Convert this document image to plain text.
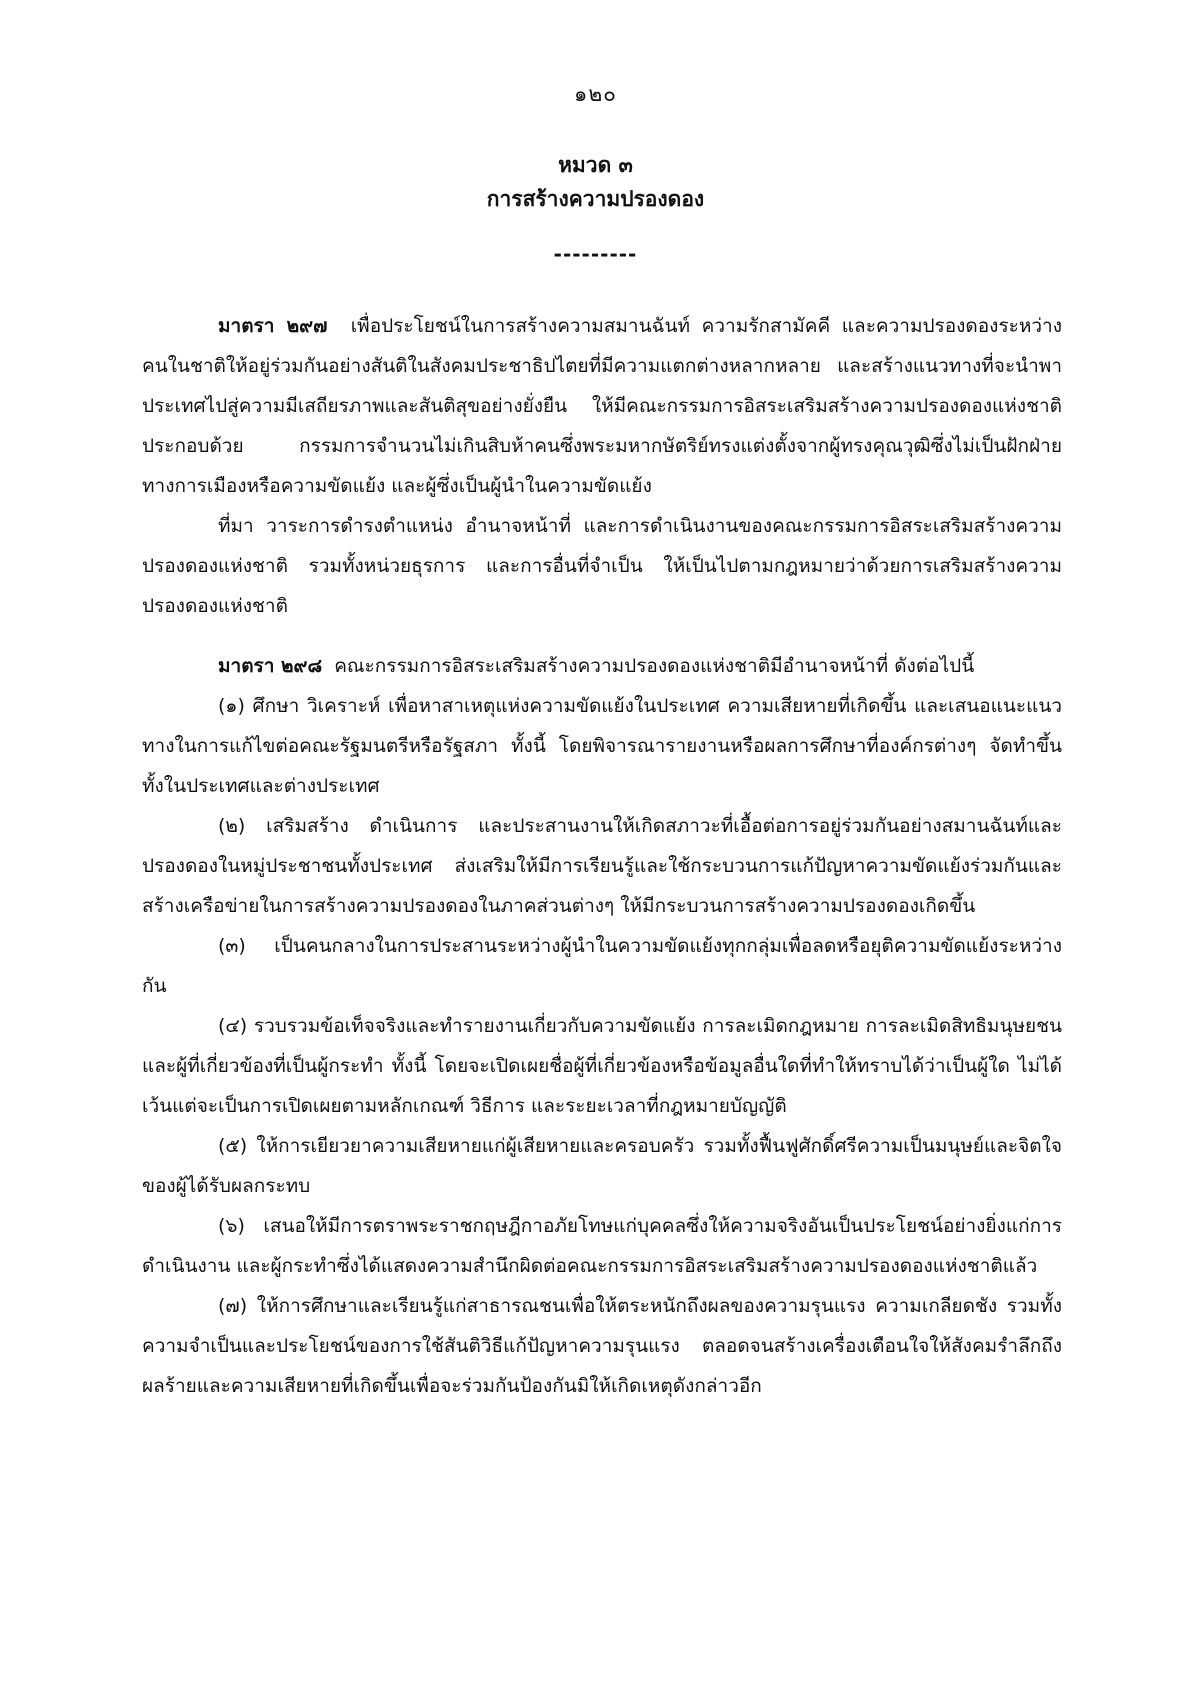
๑๒๐
หมวด ๓
การสร้างความปรองดอง
---------

มาตรา ๒๙๗ เพื่อประโยชน์ในการสร้างความสมานฉันท์ ความรักสามัคคี และความปรองดองระหว่างคนในชาติให้อยู่ร่วมกันอย่างสันติในสังคมประชาธิปไตยที่มีความแตกต่างหลากหลาย และสร้างแนวทางที่จะนำพาประเทศไปสู่ความมีเสถียรภาพและสันติสุขอย่างยั่งยืน ให้มีคณะกรรมการอิสระเสริมสร้างความปรองดองแห่งชาติ ประกอบด้วย กรรมการจำนวนไม่เกินสิบห้าคนซึ่งพระมหากษัตริย์ทรงแต่งตั้งจากผู้ทรงคุณวุฒิซึ่งไม่เป็นฝักฝ่ายทางการเมืองหรือความขัดแย้ง และผู้ซึ่งเป็นผู้นำในความขัดแย้ง

ที่มา วาระการดำรงตำแหน่ง อำนาจหน้าที่ และการดำเนินงานของคณะกรรมการอิสระเสริมสร้างความปรองดองแห่งชาติ รวมทั้งหน่วยธุรการ และการอื่นที่จำเป็น ให้เป็นไปตามกฎหมายว่าด้วยการเสริมสร้างความปรองดองแห่งชาติ

มาตรา ๒๙๘ คณะกรรมการอิสระเสริมสร้างความปรองดองแห่งชาติมีอำนาจหน้าที่ ดังต่อไปนี้

(๑) ศึกษา วิเคราะห์ เพื่อหาสาเหตุแห่งความขัดแย้งในประเทศ ความเสียหายที่เกิดขึ้น และเสนอแนะแนวทางในการแก้ไขต่อคณะรัฐมนตรีหรือรัฐสภา ทั้งนี้ โดยพิจารณารายงานหรือผลการศึกษาที่องค์กรต่างๆ จัดทำขึ้น ทั้งในประเทศและต่างประเทศ

(๒) เสริมสร้าง ดำเนินการ และประสานงานให้เกิดสภาวะที่เอื้อต่อการอยู่ร่วมกันอย่างสมานฉันท์และปรองดองในหมู่ประชาชนทั้งประเทศ ส่งเสริมให้มีการเรียนรู้และใช้กระบวนการแก้ปัญหาความขัดแย้งร่วมกันและสร้างเครือข่ายในการสร้างความปรองดองในภาคส่วนต่างๆ ให้มีกระบวนการสร้างความปรองดองเกิดขึ้น

(๓) เป็นคนกลางในการประสานระหว่างผู้นำในความขัดแย้งทุกกลุ่มเพื่อลดหรือยุติความขัดแย้งระหว่างกัน

(๔) รวบรวมข้อเท็จจริงและทำรายงานเกี่ยวกับความขัดแย้ง การละเมิดกฎหมาย การละเมิดสิทธิมนุษยชนและผู้ที่เกี่ยวข้องที่เป็นผู้กระทำ ทั้งนี้ โดยจะเปิดเผยชื่อผู้ที่เกี่ยวข้องหรือข้อมูลอื่นใดที่ทำให้ทราบได้ว่าเป็นผู้ใด ไม่ได้ เว้นแต่จะเป็นการเปิดเผยตามหลักเกณฑ์ วิธีการ และระยะเวลาที่กฎหมายบัญญัติ

(๕) ให้การเยียวยาความเสียหายแก่ผู้เสียหายและครอบครัว รวมทั้งฟื้นฟูศักดิ์ศรีความเป็นมนุษย์และจิตใจของผู้ได้รับผลกระทบ

(๖) เสนอให้มีการตราพระราชกฤษฎีกาอภัยโทษแก่บุคคลซึ่งให้ความจริงอันเป็นประโยชน์อย่างยิ่งแก่การดำเนินงาน และผู้กระทำซึ่งได้แสดงความสำนึกผิดต่อคณะกรรมการอิสระเสริมสร้างความปรองดองแห่งชาติแล้ว

(๗) ให้การศึกษาและเรียนรู้แก่สาธารณชนเพื่อให้ตระหนักถึงผลของความรุนแรง ความเกลียดชัง รวมทั้งความจำเป็นและประโยชน์ของการใช้สันติวิธีแก้ปัญหาความรุนแรง ตลอดจนสร้างเครื่องเตือนใจให้สังคมรำลึกถึงผลร้ายและความเสียหายที่เกิดขึ้นเพื่อจะร่วมกันป้องกันมิให้เกิดเหตุดังกล่าวอีก
